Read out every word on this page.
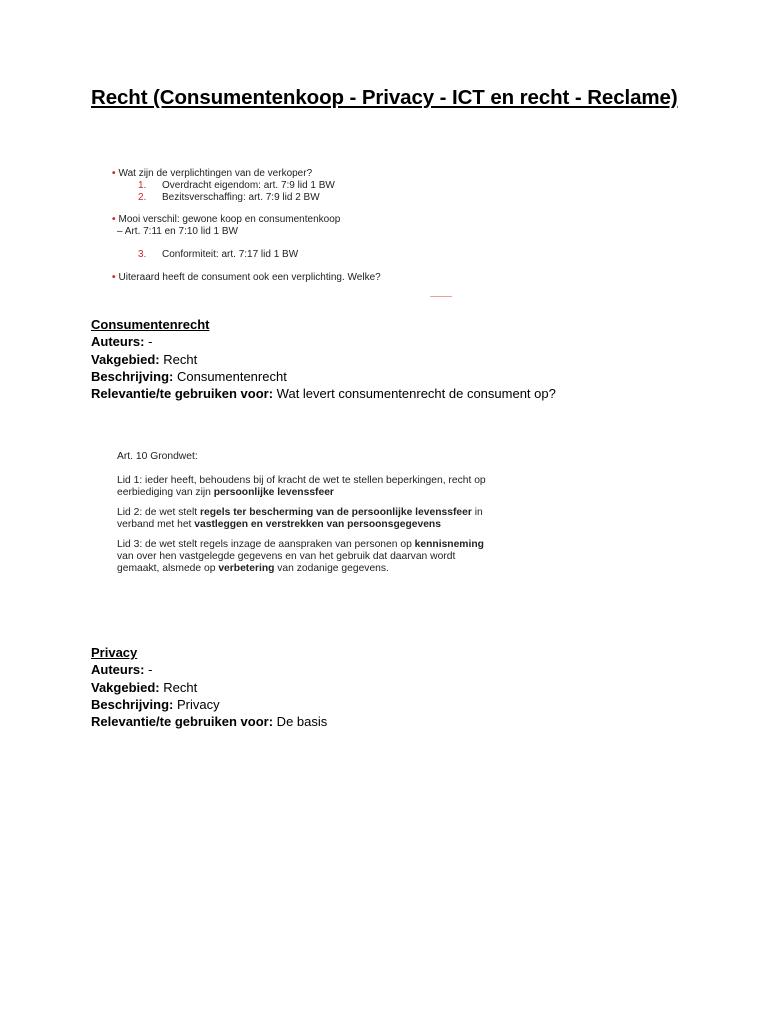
Recht (Consumentenkoop - Privacy - ICT en recht - Reclame)
• Wat zijn de verplichtingen van de verkoper?
1. Overdracht eigendom: art. 7:9 lid 1 BW
2. Bezitsverschaffing: art. 7:9 lid 2 BW
• Mooi verschil: gewone koop en consumentenkoop
– Art. 7:11 en 7:10 lid 1 BW
3. Conformiteit: art. 7:17 lid 1 BW
• Uiteraard heeft de consument ook een verplichting. Welke?
Consumentenrecht
Auteurs: -
Vakgebied: Recht
Beschrijving: Consumentenrecht
Relevantie/te gebruiken voor: Wat levert consumentenrecht de consument op?

Art. 10 Grondwet:

Lid 1: ieder heeft, behoudens bij of kracht de wet te stellen beperkingen, recht op eerbiediging van zijn persoonlijke levenssfeer

Lid 2: de wet stelt regels ter bescherming van de persoonlijke levenssfeer in verband met het vastleggen en verstrekken van persoonsgegevens

Lid 3: de wet stelt regels inzage de aanspraken van personen op kennisneming van over hen vastgelegde gegevens en van het gebruik dat daarvan wordt gemaakt, alsmede op verbetering van zodanige gegevens.

Privacy
Auteurs: -
Vakgebied: Recht
Beschrijving: Privacy
Relevantie/te gebruiken voor: De basis
